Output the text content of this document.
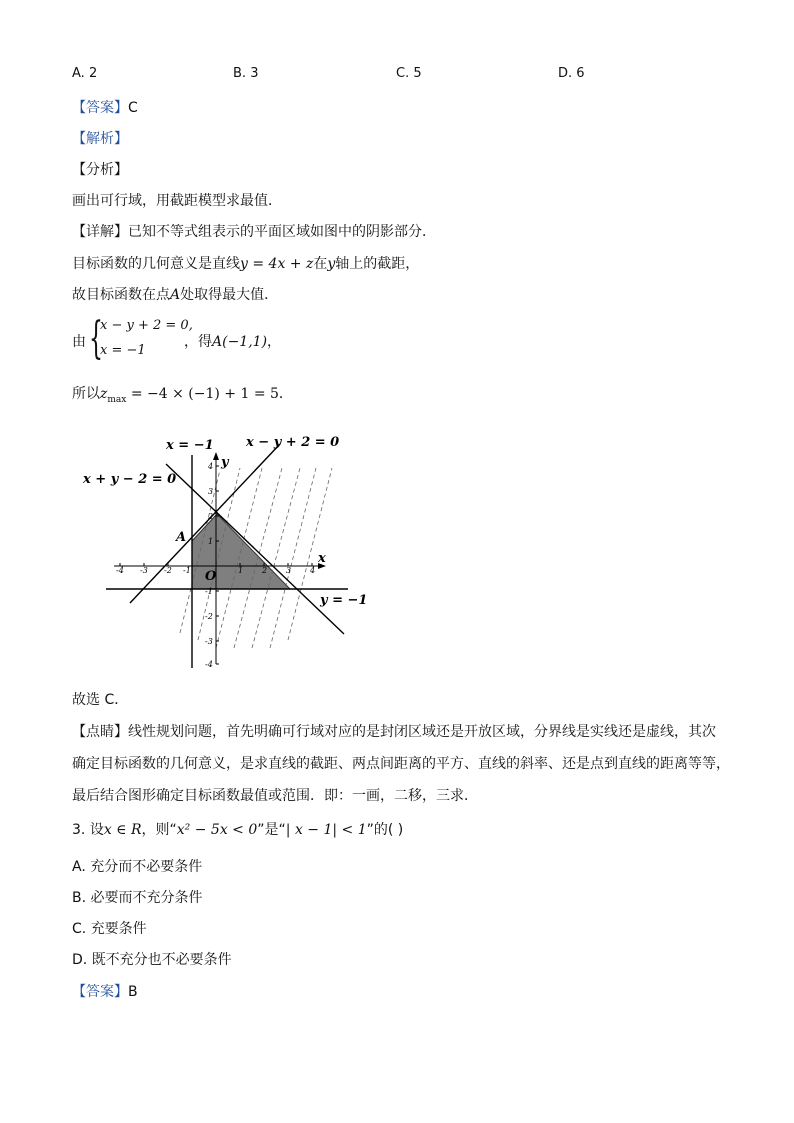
A. 2	B. 3	C. 5	D. 6
【答案】C
【解析】
【分析】
画出可行域，用截距模型求最值．
【详解】已知不等式组表示的平面区域如图中的阴影部分．
目标函数的几何意义是直线y = 4x + z在y轴上的截距，
故目标函数在点A处取得最大值．
由 {
x − y + 2 = 0,
x = −1
，得A(−1,1)，
所以$z_{max} = -4 \times (-1) + 1 = 5$．
-4 -3 -2 -1	1 2 3 4
4
3
2
1
-1
-2
-3
-4
x = −1 x − y + 2 = 0
x + y − 2 = 0
y = −1
A
O
x
y
故选 C．
【点睛】线性规划问题，首先明确可行域对应的是封闭区域还是开放区域，分界线是实线还是虚线，其次
确定目标函数的几何意义，是求直线的截距、两点间距离的平方、直线的斜率、还是点到直线的距离等等，
最后结合图形确定目标函数最值或范围．即：一画，二移，三求．
3. 设x ∈ R，则“x² − 5x < 0”是“| x − 1| < 1”的( )
A. 充分而不必要条件
B. 必要而不充分条件
C. 充要条件
D. 既不充分也不必要条件
【答案】B
